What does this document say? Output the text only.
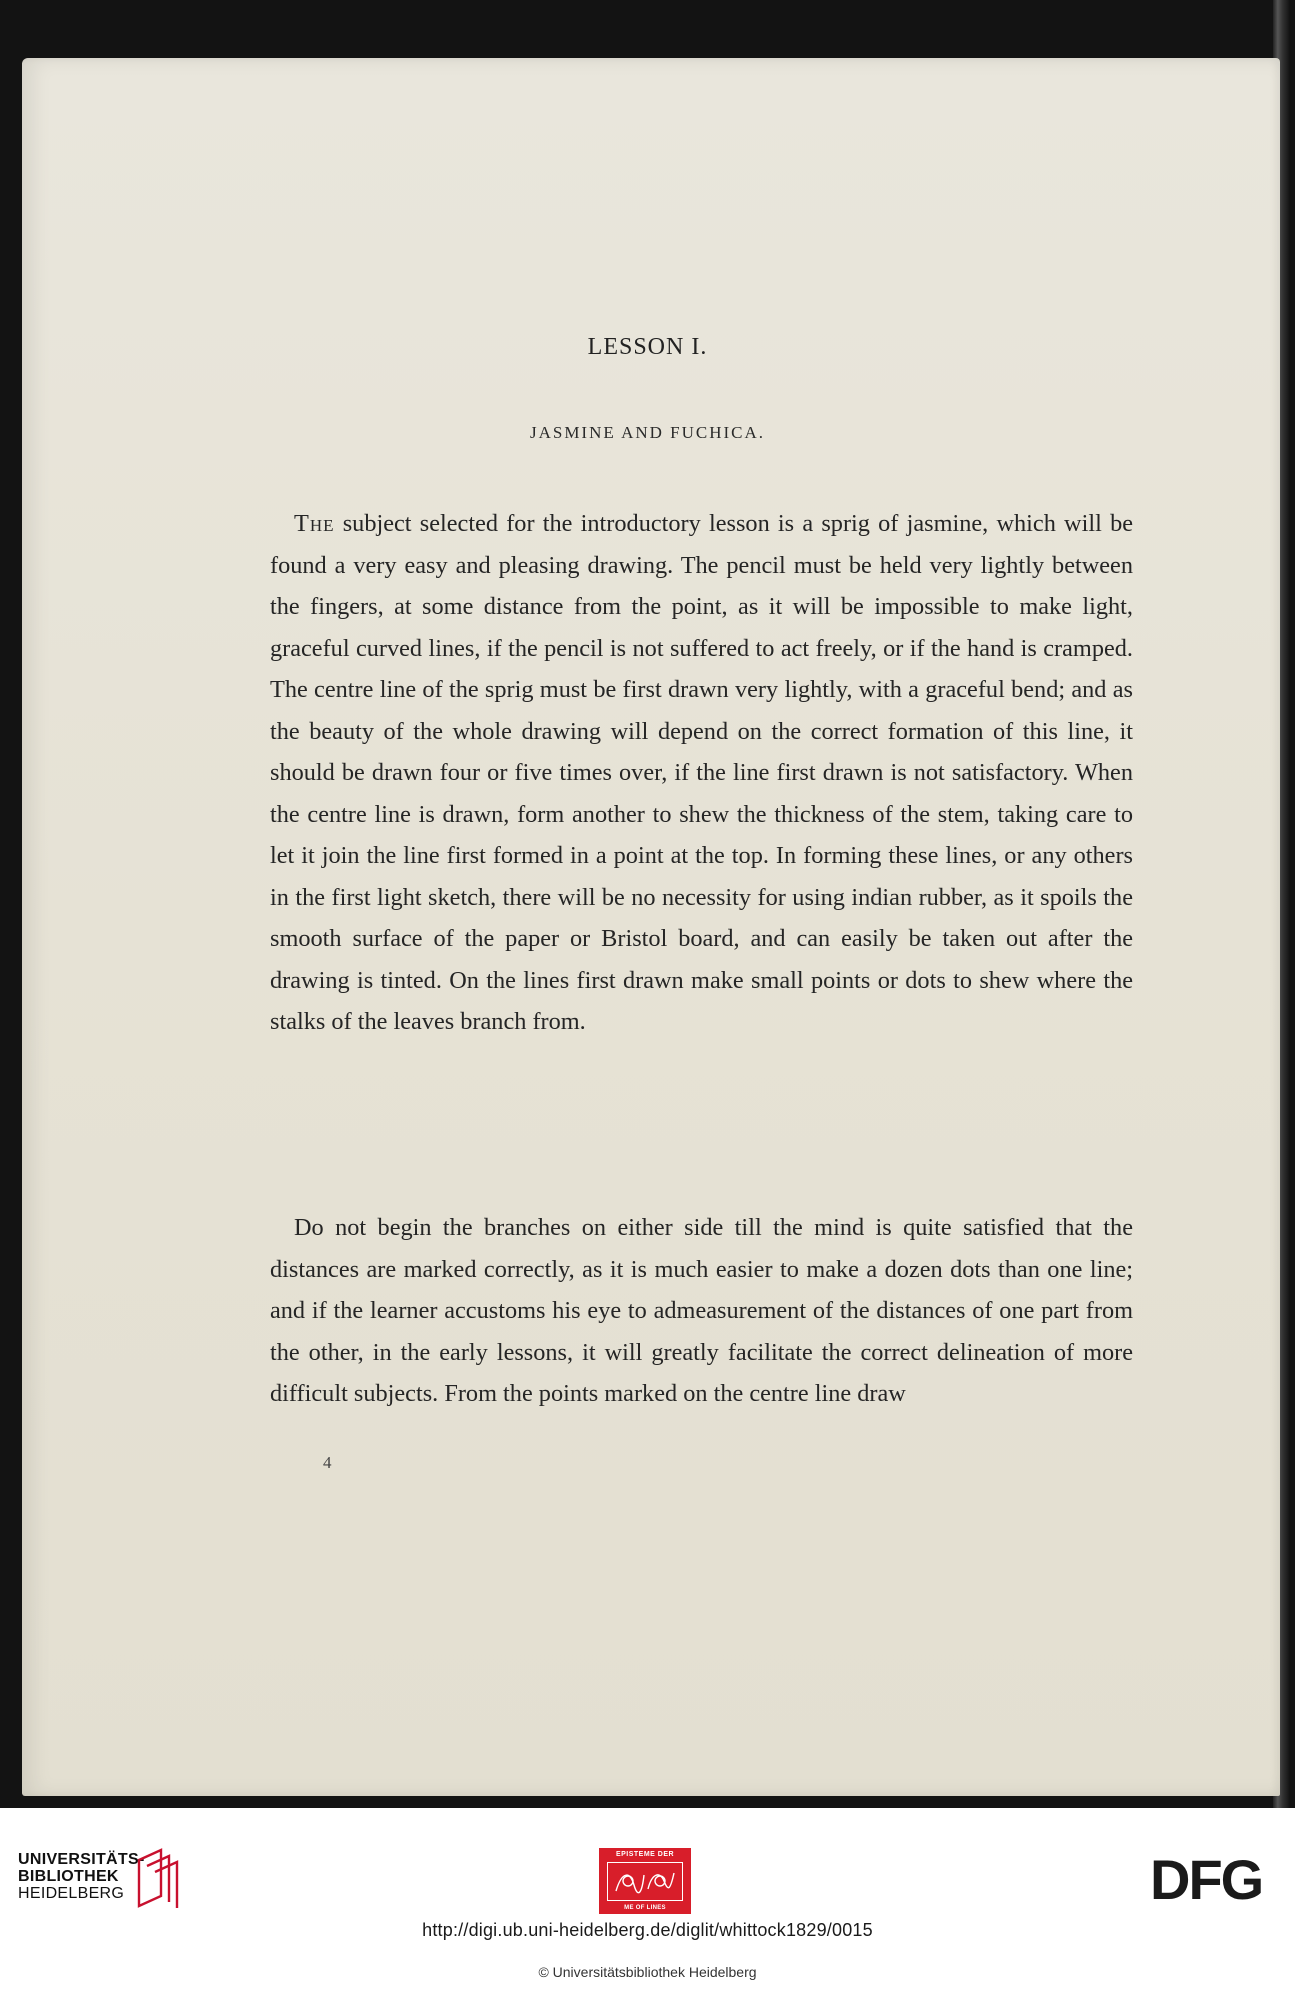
LESSON I.
JASMINE AND FUCHICA.

The subject selected for the introductory lesson is a sprig of jasmine, which will be found a very easy and pleasing drawing. The pencil must be held very lightly between the fingers, at some distance from the point, as it will be impossible to make light, graceful curved lines, if the pencil is not suffered to act freely, or if the hand is cramped. The centre line of the sprig must be first drawn very lightly, with a graceful bend; and as the beauty of the whole drawing will depend on the correct formation of this line, it should be drawn four or five times over, if the line first drawn is not satisfactory. When the centre line is drawn, form another to shew the thickness of the stem, taking care to let it join the line first formed in a point at the top. In forming these lines, or any others in the first light sketch, there will be no necessity for using indian rubber, as it spoils the smooth surface of the paper or Bristol board, and can easily be taken out after the drawing is tinted. On the lines first drawn make small points or dots to shew where the stalks of the leaves branch from.

Do not begin the branches on either side till the mind is quite satisfied that the distances are marked correctly, as it is much easier to make a dozen dots than one line; and if the learner accustoms his eye to admeasurement of the distances of one part from the other, in the early lessons, it will greatly facilitate the correct delineation of more difficult subjects. From the points marked on the centre line draw

4
UNIVERSITÄTS-
BIBLIOTHEK
HEIDELBERG
EPISTEME DER
ME OF LINES	DFG
http://digi.ub.uni-heidelberg.de/diglit/whittock1829/0015
© Universitätsbibliothek Heidelberg
